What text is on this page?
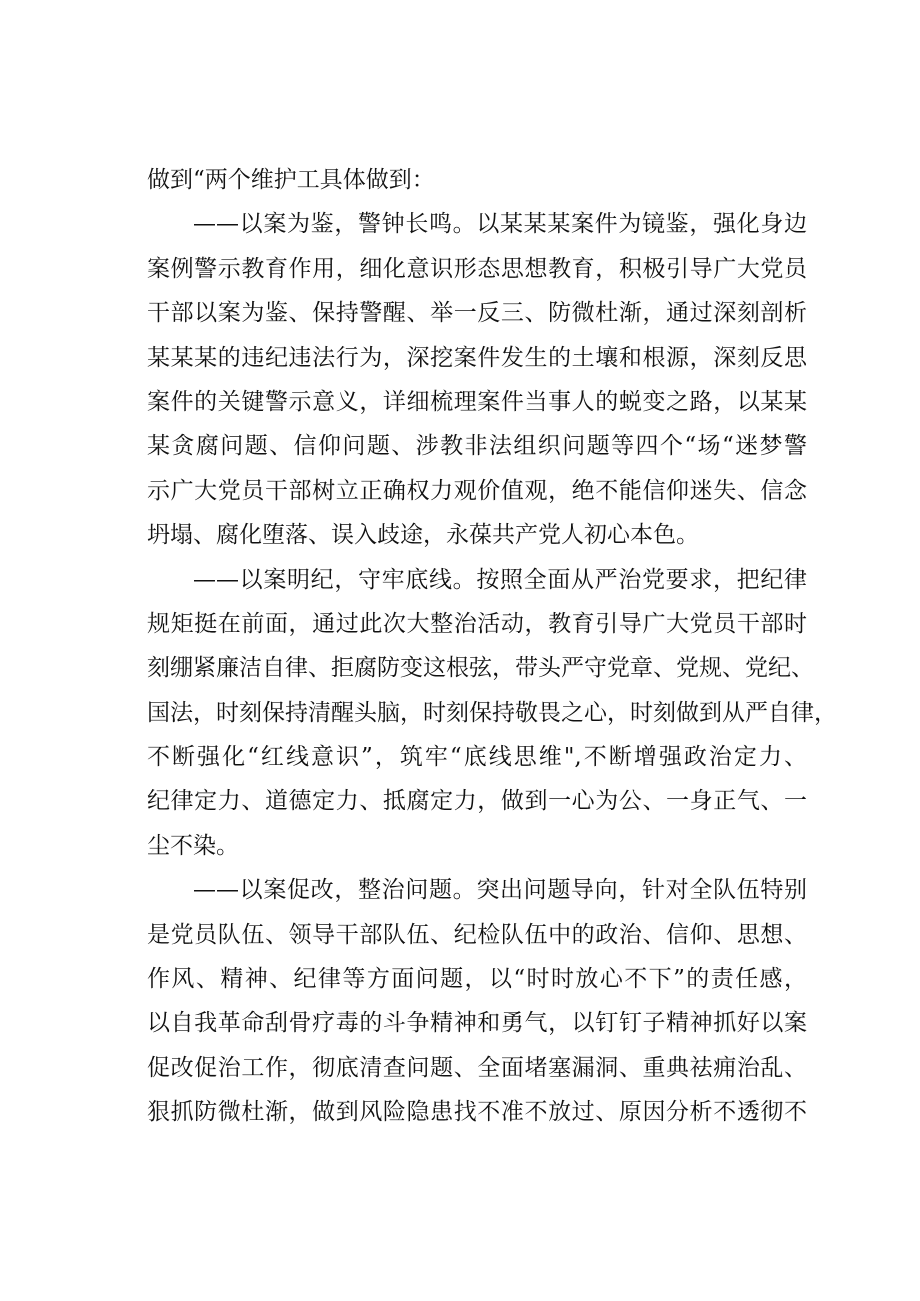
做到“两个维护工具体做到：
——以案为鉴，警钟长鸣。以某某某案件为镜鉴，强化身边
案例警示教育作用，细化意识形态思想教育，积极引导广大党员
干部以案为鉴、保持警醒、举一反三、防微杜渐，通过深刻剖析
某某某的违纪违法行为，深挖案件发生的土壤和根源，深刻反思
案件的关键警示意义，详细梳理案件当事人的蜕变之路，以某某
某贪腐问题、信仰问题、涉教非法组织问题等四个“场“迷梦警
示广大党员干部树立正确权力观价值观，绝不能信仰迷失、信念
坍塌、腐化堕落、误入歧途，永葆共产党人初心本色。
——以案明纪，守牢底线。按照全面从严治党要求，把纪律
规矩挺在前面，通过此次大整治活动，教育引导广大党员干部时
刻绷紧廉洁自律、拒腐防变这根弦，带头严守党章、党规、党纪、
国法，时刻保持清醒头脑，时刻保持敬畏之心，时刻做到从严自律，
不断强化“红线意识”，筑牢“底线思维",不断增强政治定力、
纪律定力、道德定力、抵腐定力，做到一心为公、一身正气、一
尘不染。
——以案促改，整治问题。突出问题导向，针对全队伍特别
是党员队伍、领导干部队伍、纪检队伍中的政治、信仰、思想、
作风、精神、纪律等方面问题，以“时时放心不下”的责任感，
以自我革命刮骨疗毒的斗争精神和勇气，以钉钉子精神抓好以案
促改促治工作，彻底清查问题、全面堵塞漏洞、重典祛痈治乱、
狠抓防微杜渐，做到风险隐患找不准不放过、原因分析不透彻不
